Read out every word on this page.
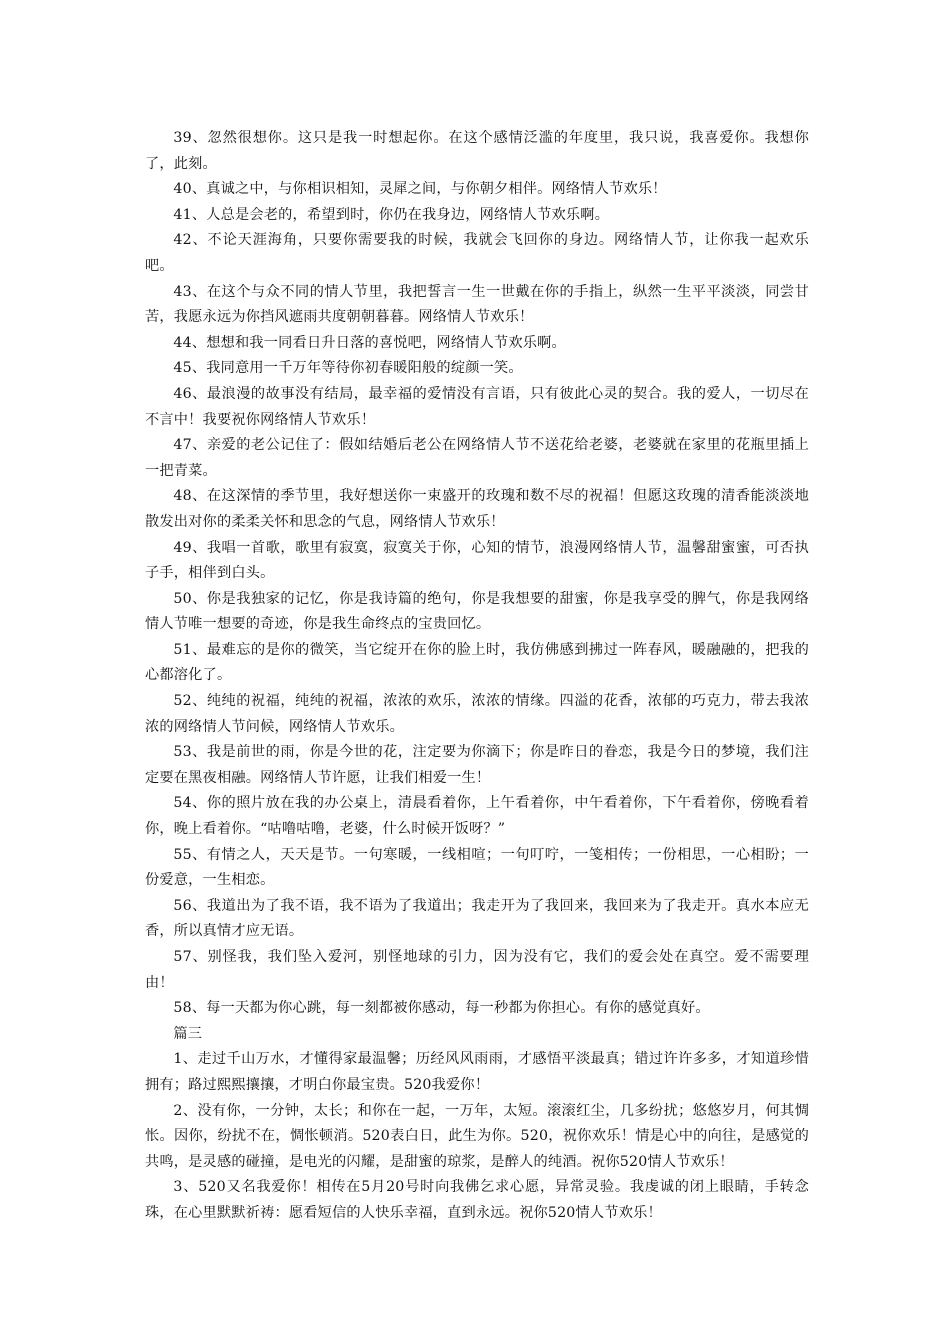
39、忽然很想你。这只是我一时想起你。在这个感情泛滥的年度里，我只说，我喜爱你。我想你了，此刻。

40、真诚之中，与你相识相知，灵犀之间，与你朝夕相伴。网络情人节欢乐！

41、人总是会老的，希望到时，你仍在我身边，网络情人节欢乐啊。

42、不论天涯海角，只要你需要我的时候，我就会飞回你的身边。网络情人节，让你我一起欢乐吧。

43、在这个与众不同的情人节里，我把誓言一生一世戴在你的手指上，纵然一生平平淡淡，同尝甘苦，我愿永远为你挡风遮雨共度朝朝暮暮。网络情人节欢乐！

44、想想和我一同看日升日落的喜悦吧，网络情人节欢乐啊。

45、我同意用一千万年等待你初春暖阳般的绽颜一笑。

46、最浪漫的故事没有结局，最幸福的爱情没有言语，只有彼此心灵的契合。我的爱人，一切尽在不言中！我要祝你网络情人节欢乐！

47、亲爱的老公记住了：假如结婚后老公在网络情人节不送花给老婆，老婆就在家里的花瓶里插上一把青菜。

48、在这深情的季节里，我好想送你一束盛开的玫瑰和数不尽的祝福！但愿这玫瑰的清香能淡淡地散发出对你的柔柔关怀和思念的气息，网络情人节欢乐！

49、我唱一首歌，歌里有寂寞，寂寞关于你，心知的情节，浪漫网络情人节，温馨甜蜜蜜，可否执子手，相伴到白头。

50、你是我独家的记忆，你是我诗篇的绝句，你是我想要的甜蜜，你是我享受的脾气，你是我网络情人节唯一想要的奇迹，你是我生命终点的宝贵回忆。

51、最难忘的是你的微笑，当它绽开在你的脸上时，我仿佛感到拂过一阵春风，暖融融的，把我的心都溶化了。

52、纯纯的祝福，纯纯的祝福，浓浓的欢乐，浓浓的情缘。四溢的花香，浓郁的巧克力，带去我浓浓的网络情人节问候，网络情人节欢乐。

53、我是前世的雨，你是今世的花，注定要为你滴下；你是昨日的眷恋，我是今日的梦境，我们注定要在黑夜相融。网络情人节许愿，让我们相爱一生！

54、你的照片放在我的办公桌上，清晨看着你，上午看着你，中午看着你，下午看着你，傍晚看着你，晚上看着你。“咕噜咕噜，老婆，什么时候开饭呀？”

55、有情之人，天天是节。一句寒暖，一线相喧；一句叮咛，一笺相传；一份相思，一心相盼；一份爱意，一生相恋。

56、我道出为了我不语，我不语为了我道出；我走开为了我回来，我回来为了我走开。真水本应无香，所以真情才应无语。

57、别怪我，我们坠入爱河，别怪地球的引力，因为没有它，我们的爱会处在真空。爱不需要理由！

58、每一天都为你心跳，每一刻都被你感动，每一秒都为你担心。有你的感觉真好。

篇三

1、走过千山万水，才懂得家最温馨；历经风风雨雨，才感悟平淡最真；错过许许多多，才知道珍惜拥有；路过熙熙攘攘，才明白你最宝贵。520我爱你！

2、没有你，一分钟，太长；和你在一起，一万年，太短。滚滚红尘，几多纷扰；悠悠岁月，何其惆怅。因你，纷扰不在，惆怅顿消。520表白日，此生为你。520，祝你欢乐！情是心中的向往，是感觉的共鸣，是灵感的碰撞，是电光的闪耀，是甜蜜的琼浆，是醉人的纯酒。祝你520情人节欢乐！

3、520又名我爱你！相传在5月20号时向我佛乞求心愿，异常灵验。我虔诚的闭上眼睛，手转念珠，在心里默默祈祷：愿看短信的人快乐幸福，直到永远。祝你520情人节欢乐！
